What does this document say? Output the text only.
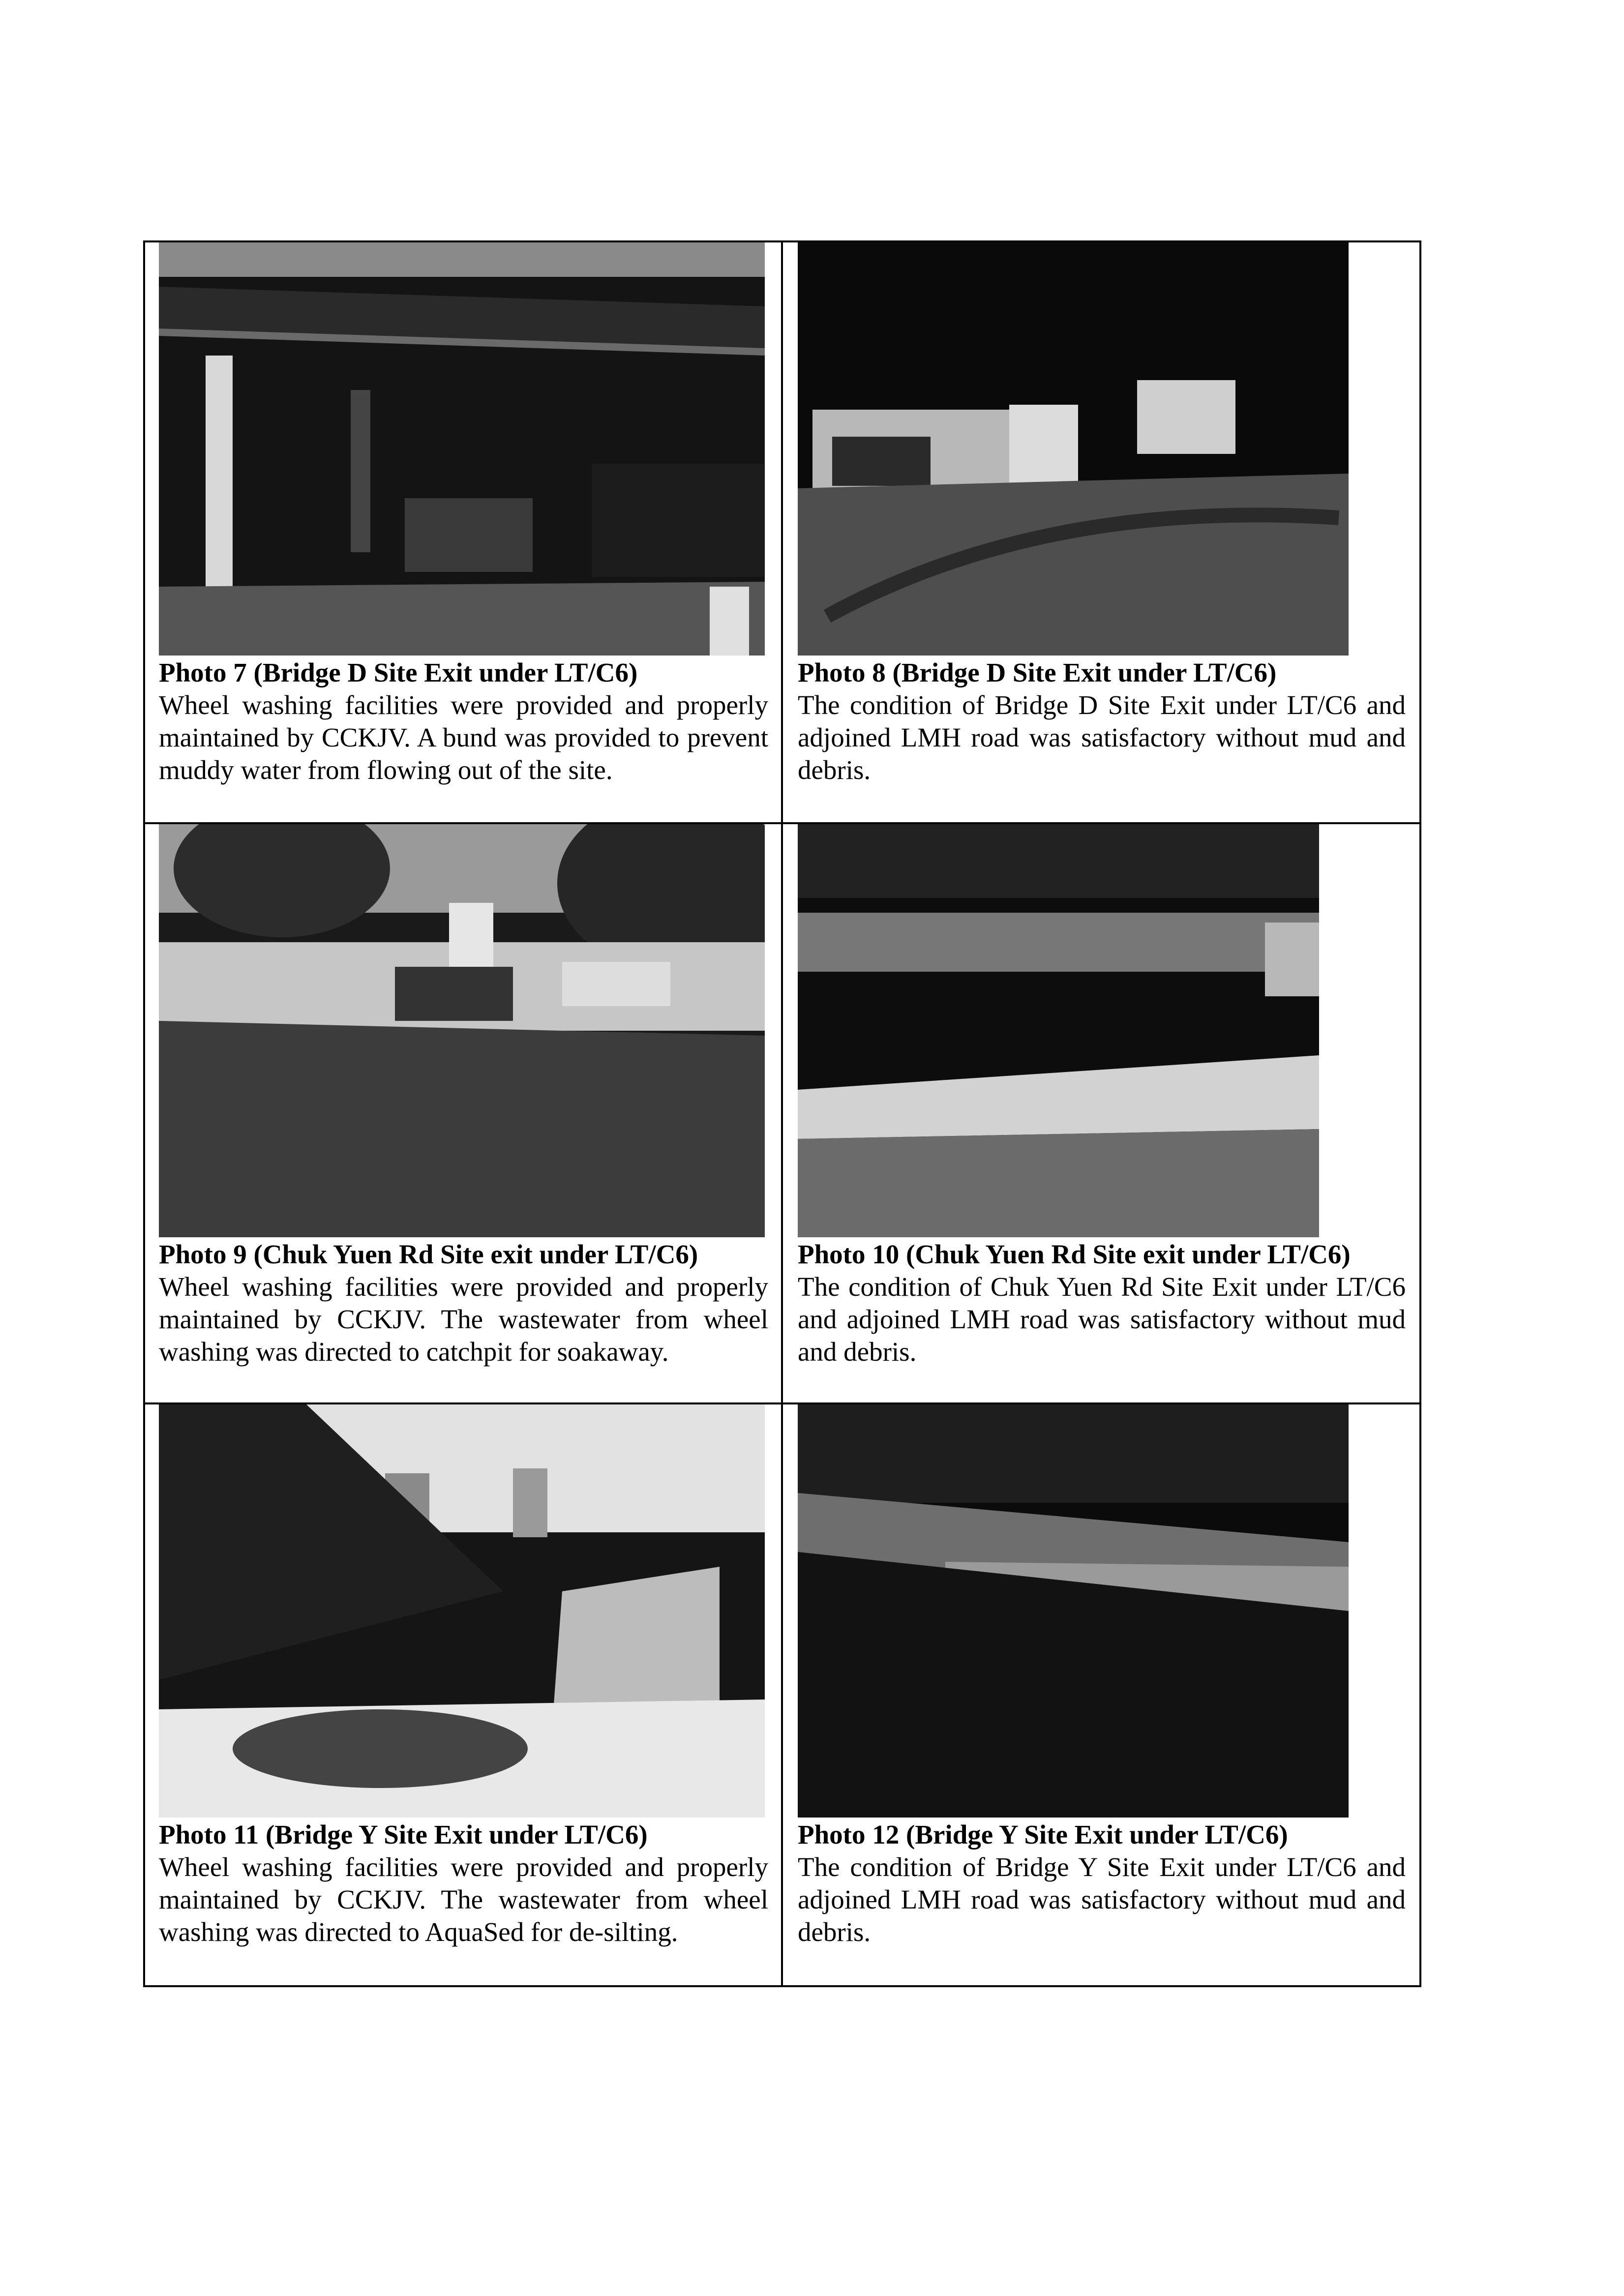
Photo 7 (Bridge D Site Exit under LT/C6)
Wheel washing facilities were provided and properly maintained by CCKJV. A bund was provided to prevent muddy water from flowing out of the site.
Photo 8 (Bridge D Site Exit under LT/C6)
The condition of Bridge D Site Exit under LT/C6 and adjoined LMH road was satisfactory without mud and debris.
Photo 9 (Chuk Yuen Rd Site exit under LT/C6)
Wheel washing facilities were provided and properly maintained by CCKJV. The wastewater from wheel washing was directed to catchpit for soakaway.
Photo 10 (Chuk Yuen Rd Site exit under LT/C6)
The condition of Chuk Yuen Rd Site Exit under LT/C6 and adjoined LMH road was satisfactory without mud and debris.
Photo 11 (Bridge Y Site Exit under LT/C6)
Wheel washing facilities were provided and properly maintained by CCKJV. The wastewater from wheel washing was directed to AquaSed for de-silting.
Photo 12 (Bridge Y Site Exit under LT/C6)
The condition of Bridge Y Site Exit under LT/C6 and adjoined LMH road was satisfactory without mud and debris.
